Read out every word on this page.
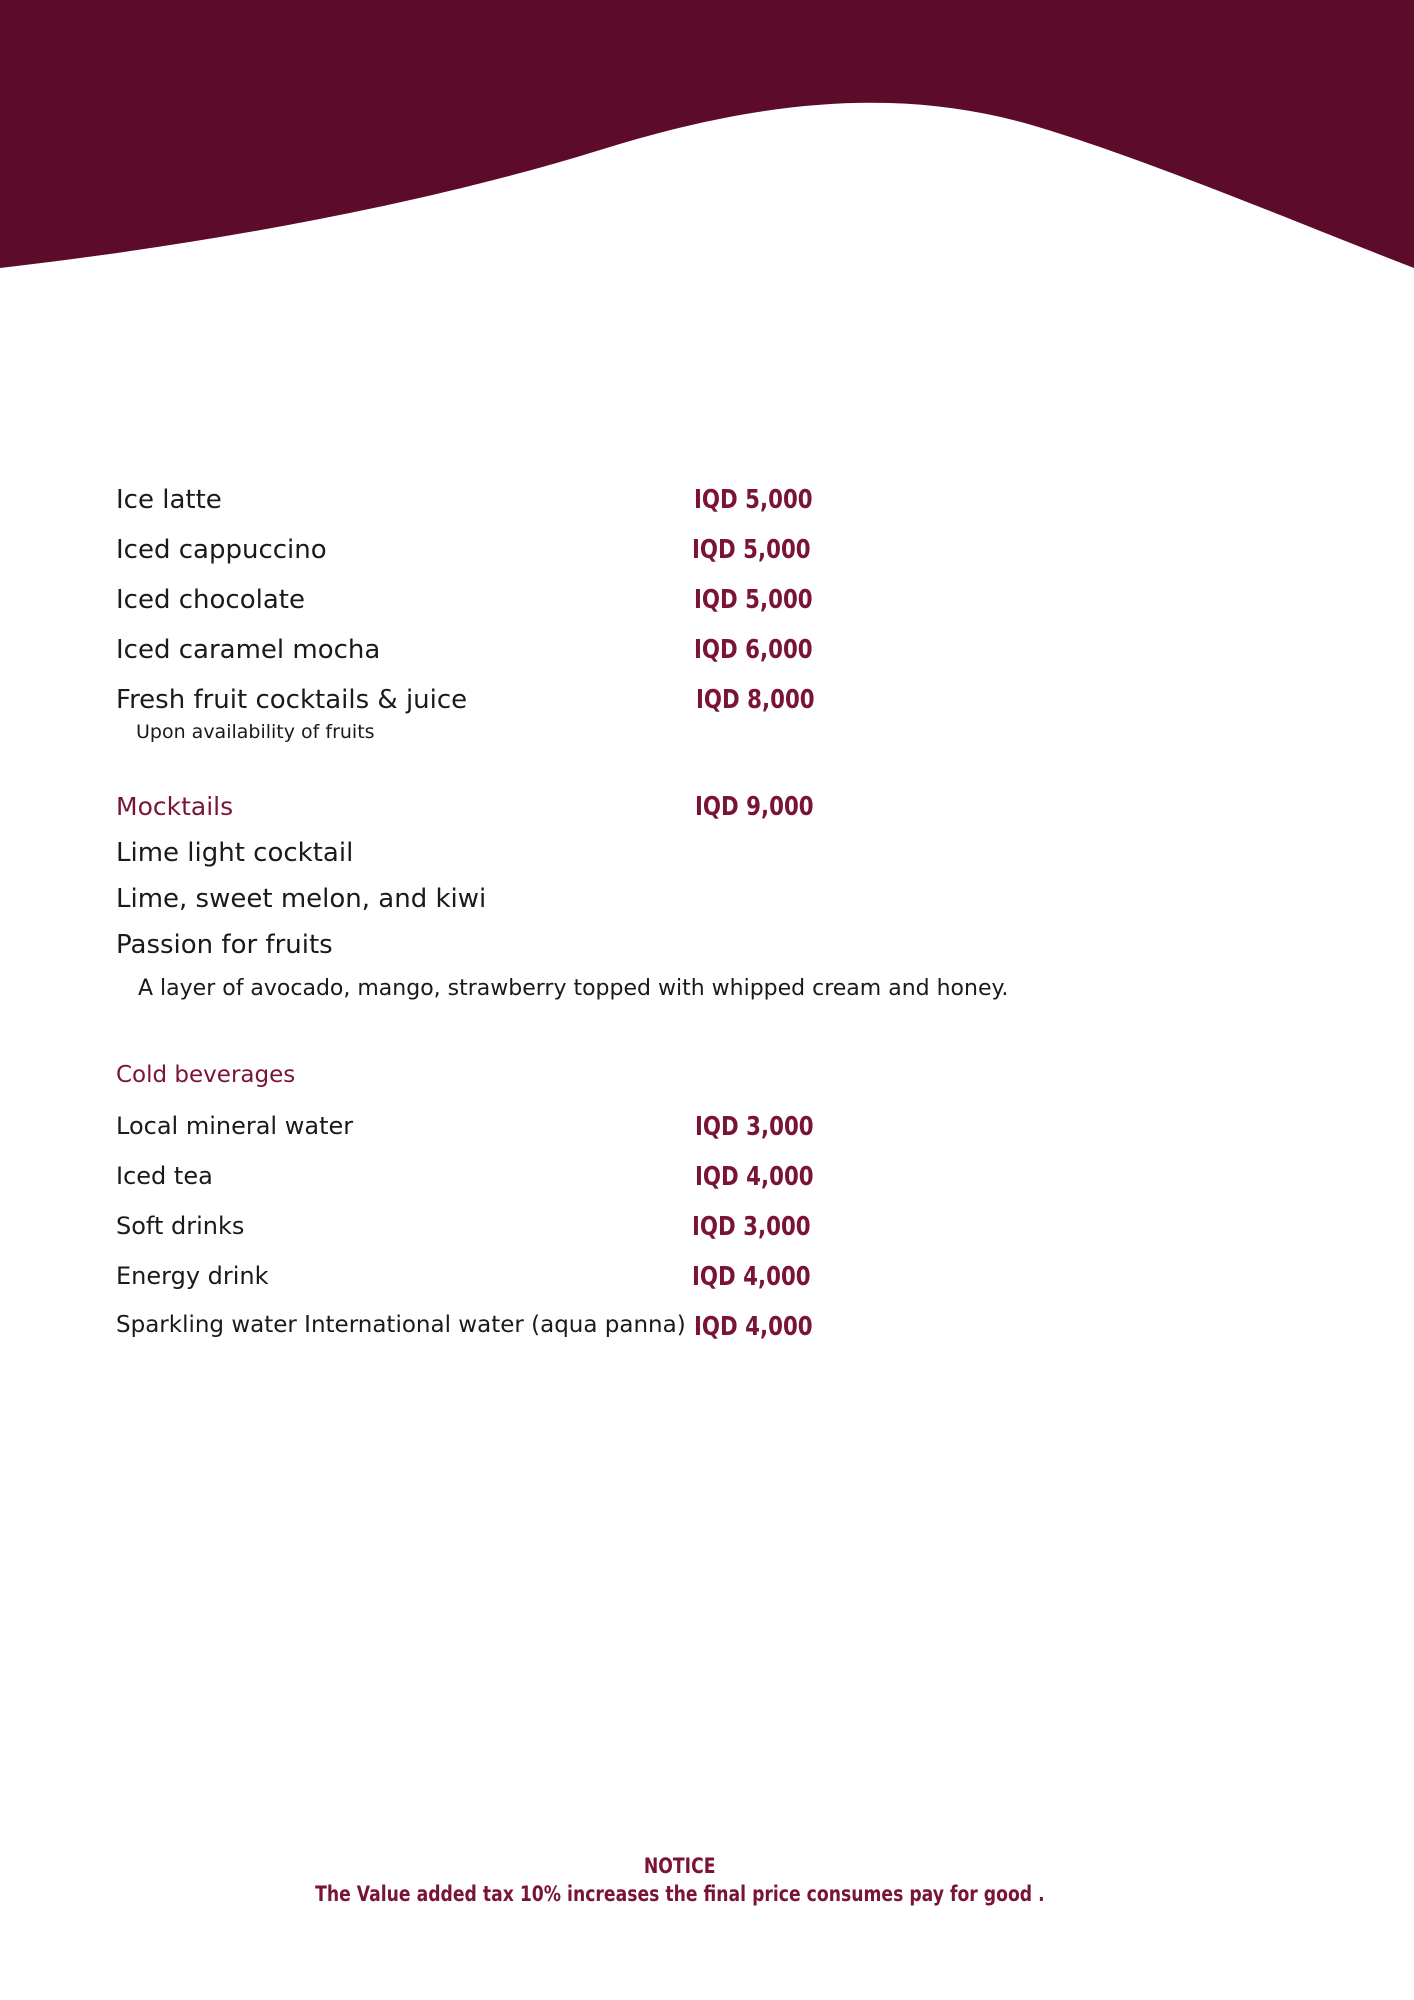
Ice latte	IQD 5,000
Iced cappuccino	IQD 5,000
Iced chocolate	IQD 5,000
Iced caramel mocha	IQD 6,000
Fresh fruit cocktails & juice	IQD 8,000
Upon availability of fruits
Mocktails	IQD 9,000
Lime light cocktail
Lime, sweet melon, and kiwi
Passion for fruits
A layer of avocado, mango, strawberry topped with whipped cream and honey.
Cold beverages
Local mineral water	IQD 3,000
Iced tea	IQD 4,000
Soft drinks	IQD 3,000
Energy drink	IQD 4,000
Sparkling water International water (aqua panna) IQD 4,000
NOTICE
The Value added tax 10% increases the final price consumes pay for good .
